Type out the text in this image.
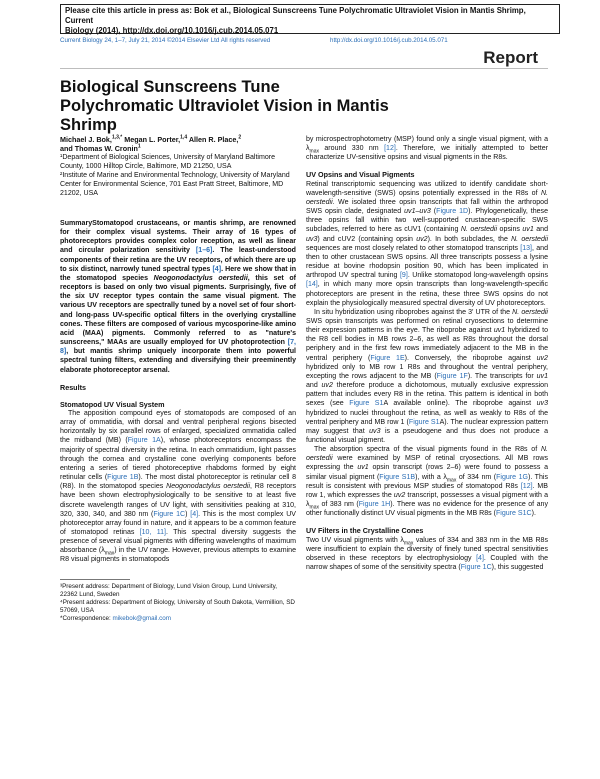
Please cite this article in press as: Bok et al., Biological Sunscreens Tune Polychromatic Ultraviolet Vision in Mantis Shrimp, Current
Biology (2014), http://dx.doi.org/10.1016/j.cub.2014.05.071
Current Biology 24, 1–7, July 21, 2014 ©2014 Elsevier Ltd All rights reserved	http://dx.doi.org/10.1016/j.cub.2014.05.071
Report
Biological Sunscreens Tune Polychromatic Ultraviolet Vision in Mantis Shrimp
Michael J. Bok,$^{1,3,*}$ Megan L. Porter,$^{1,4}$ Allen R. Place,$^2$
and Thomas W. Cronin$^1$

¹Department of Biological Sciences, University of Maryland Baltimore County, 1000 Hilltop Circle, Baltimore, MD 21250, USA

²Institute of Marine and Environmental Technology, University of Maryland Center for Environmental Science, 701 East Pratt Street, Baltimore, MD 21202, USA

SummaryStomatopod crustaceans, or mantis shrimp, are renowned for their complex visual systems. Their array of 16 types of photoreceptors provides complex color reception, as well as linear and circular polarization sensitivity [1–6]. The least-understood components of their retina are the UV receptors, of which there are up to six distinct, narrowly tuned spectral types [4]. Here we show that in the stomatopod species Neogonodactylus oerstedii, this set of receptors is based on only two visual pigments. Surprisingly, five of the six UV receptor types contain the same visual pigment. The various UV receptors are spectrally tuned by a novel set of four short- and long-pass UV-specific optical filters in the overlying crystalline cones. These filters are composed of various mycosporine-like amino acid (MAA) pigments. Commonly referred to as "nature's sunscreens," MAAs are usually employed for UV photoprotection [7, 8], but mantis shrimp uniquely incorporate them into powerful spectral tuning filters, extending and diversifying their preeminently elaborate photoreceptor arsenal.
Results
Stomatopod UV Visual System
The apposition compound eyes of stomatopods are composed of an array of ommatidia, with dorsal and ventral peripheral regions bisected horizontally by six parallel rows of enlarged, specialized ommatidia called the midband (MB) (Figure 1A), whose photoreceptors encompass the majority of spectral diversity in the retina. In each ommatidium, light passes through the cornea and crystalline cone overlying components before entering a series of tiered photoreceptive rhabdoms formed by eight retinular cells (Figure 1B). The most distal photoreceptor is retinular cell 8 (R8). In the stomatopod species Neogonodactylus oerstedii, R8 receptors have been shown electrophysiologically to be sensitive to at least five discrete wavelength ranges of UV light, with sensitivities peaking at 310, 320, 330, 340, and 380 nm (Figure 1C) [4]. This is the most complex UV photoreceptor array found in nature, and it appears to be a common feature of stomatopod retinas [10, 11]. This spectral diversity suggests the presence of several visual pigments with differing wavelengths of maximum absorbance $(\lambda_{max})$ in the UV range. However, previous attempts to examine R8 visual pigments in stomatopods

³Present address: Department of Biology, Lund Vision Group, Lund University, 22362 Lund, Sweden

⁴Present address: Department of Biology, University of South Dakota, Vermillion, SD 57069, USA

*Correspondence: mikebok@gmail.com

by microspectrophotometry (MSP) found only a single visual pigment, with a $\lambda_{max}$ around 330 nm [12]. Therefore, we initially attempted to better characterize UV-sensitive opsins and visual pigments in the R8s.
UV Opsins and Visual Pigments
Retinal transcriptomic sequencing was utilized to identify candidate short-wavelength-sensitive (SWS) opsins potentially expressed in the R8s of N. oerstedii. We isolated three opsin transcripts that fall within the arthropod SWS opsin clade, designated uv1–uv3 (Figure 1D). Phylogenetically, these three opsins fall within two well-supported crustacean-specific SWS subclades, referred to here as cUV1 (containing N. oerstedii opsins uv1 and uv3) and cUV2 (containing opsin uv2). In both subclades, the N. oerstedii sequences are most closely related to other stomatopod transcripts [13], and then to other crustacean SWS opsins. All three transcripts possess a lysine residue at bovine rhodopsin position 90, which has been implicated in arthropod UV spectral tuning [9]. Unlike stomatopod long-wavelength opsins [14], in which many more opsin transcripts than long-wavelength-specific photoreceptors are present in the retina, these three SWS opsins do not explain the physiologically measured spectral diversity of UV photoreceptors.
In situ hybridization using riboprobes against the 3′ UTR of the N. oerstedii SWS opsin transcripts was performed on retinal cryosections to determine their expression patterns in the eye. The riboprobe against uv1 hybridized to the R8 cell bodies in MB rows 2–6, as well as R8s throughout the dorsal periphery and in the first few rows immediately adjacent to the MB in the ventral periphery (Figure 1E). Conversely, the riboprobe against uv2 hybridized only to MB row 1 R8s and throughout the ventral periphery, excepting the rows adjacent to the MB (Figure 1F). The transcripts for uv1 and uv2 therefore produce a dichotomous, mutually exclusive expression pattern that includes every R8 in the retina. This pattern is identical in both sexes (see Figure S1A available online). The riboprobe against uv3 hybridized to nuclei throughout the retina, as well as weakly to R8s of the ventral periphery and MB row 1 (Figure S1A). The nuclear expression pattern may suggest that uv3 is a pseudogene and thus does not produce a functional visual pigment.
The absorption spectra of the visual pigments found in the R8s of N. oerstedii were examined by MSP of retinal cryosections. All MB rows expressing the uv1 opsin transcript (rows 2–6) were found to possess a similar visual pigment (Figure S1B), with a $\lambda_{max}$ of 334 nm (Figure 1G). This result is consistent with previous MSP studies of stomatopod R8s [12]. MB row 1, which expresses the uv2 transcript, possesses a visual pigment with a $\lambda_{max}$ of 383 nm (Figure 1H). There was no evidence for the presence of any other functionally distinct UV visual pigments in the MB R8s (Figure S1C).
UV Filters in the Crystalline Cones
Two UV visual pigments with $\lambda_{max}$ values of 334 and 383 nm in the MB R8s were insufficient to explain the diversity of finely tuned spectral sensitivities observed in these receptors by electrophysiology [4]. Coupled with the narrow shapes of some of the sensitivity spectra (Figure 1C), this suggested
